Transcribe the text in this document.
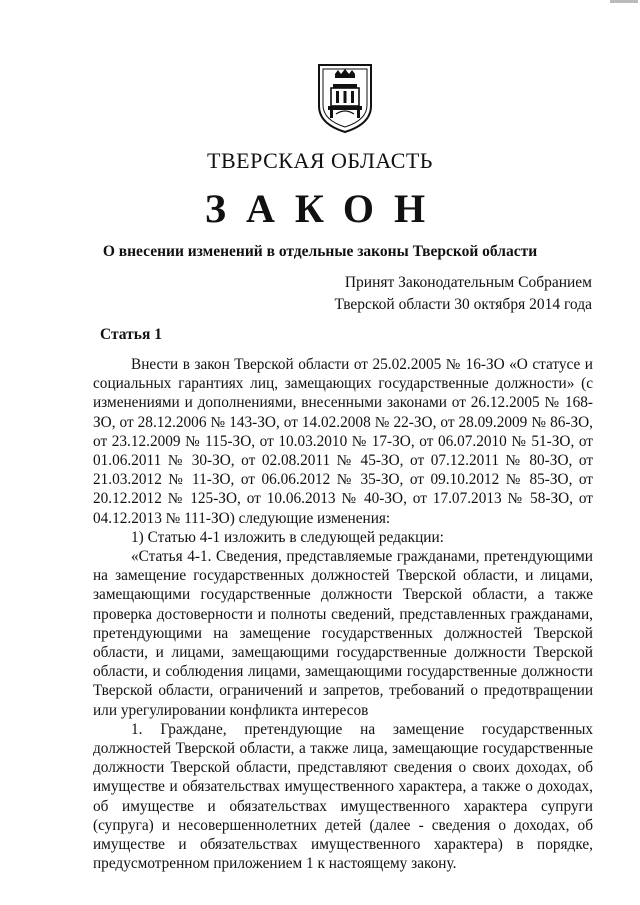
ТВЕРСКАЯ ОБЛАСТЬ
ЗАКОН
О внесении изменений в отдельные законы Тверской области
Принят Законодательным Собранием
Тверской области 30 октября 2014 года
Статья 1

Внести в закон Тверской области от 25.02.2005 № 16-ЗО «О статусе и социальных гарантиях лиц, замещающих государственные должности» (с изменениями и дополнениями, внесенными законами от 26.12.2005 № 168-ЗО, от 28.12.2006 № 143-ЗО, от 14.02.2008 № 22-ЗО, от 28.09.2009 № 86-ЗО, от 23.12.2009 № 115-ЗО, от 10.03.2010 № 17-ЗО, от 06.07.2010 № 51-ЗО, от 01.06.2011 № 30-ЗО, от 02.08.2011 № 45-ЗО, от 07.12.2011 № 80-ЗО, от 21.03.2012 № 11-ЗО, от 06.06.2012 № 35-ЗО, от 09.10.2012 № 85-ЗО, от 20.12.2012 № 125-ЗО, от 10.06.2013 № 40-ЗО, от 17.07.2013 № 58-ЗО, от 04.12.2013 № 111-ЗО) следующие изменения:

1) Статью 4-1 изложить в следующей редакции:

«Статья 4-1. Сведения, представляемые гражданами, претендующими на замещение государственных должностей Тверской области, и лицами, замещающими государственные должности Тверской области, а также проверка достоверности и полноты сведений, представленных гражданами, претендующими на замещение государственных должностей Тверской области, и лицами, замещающими государственные должности Тверской области, и соблюдения лицами, замещающими государственные должности Тверской области, ограничений и запретов, требований о предотвращении или урегулировании конфликта интересов

1. Граждане, претендующие на замещение государственных должностей Тверской области, а также лица, замещающие государственные должности Тверской области, представляют сведения о своих доходах, об имуществе и обязательствах имущественного характера, а также о доходах, об имуществе и обязательствах имущественного характера супруги (супруга) и несовершеннолетних детей (далее - сведения о доходах, об имуществе и обязательствах имущественного характера) в порядке, предусмотренном приложением 1 к настоящему закону.
